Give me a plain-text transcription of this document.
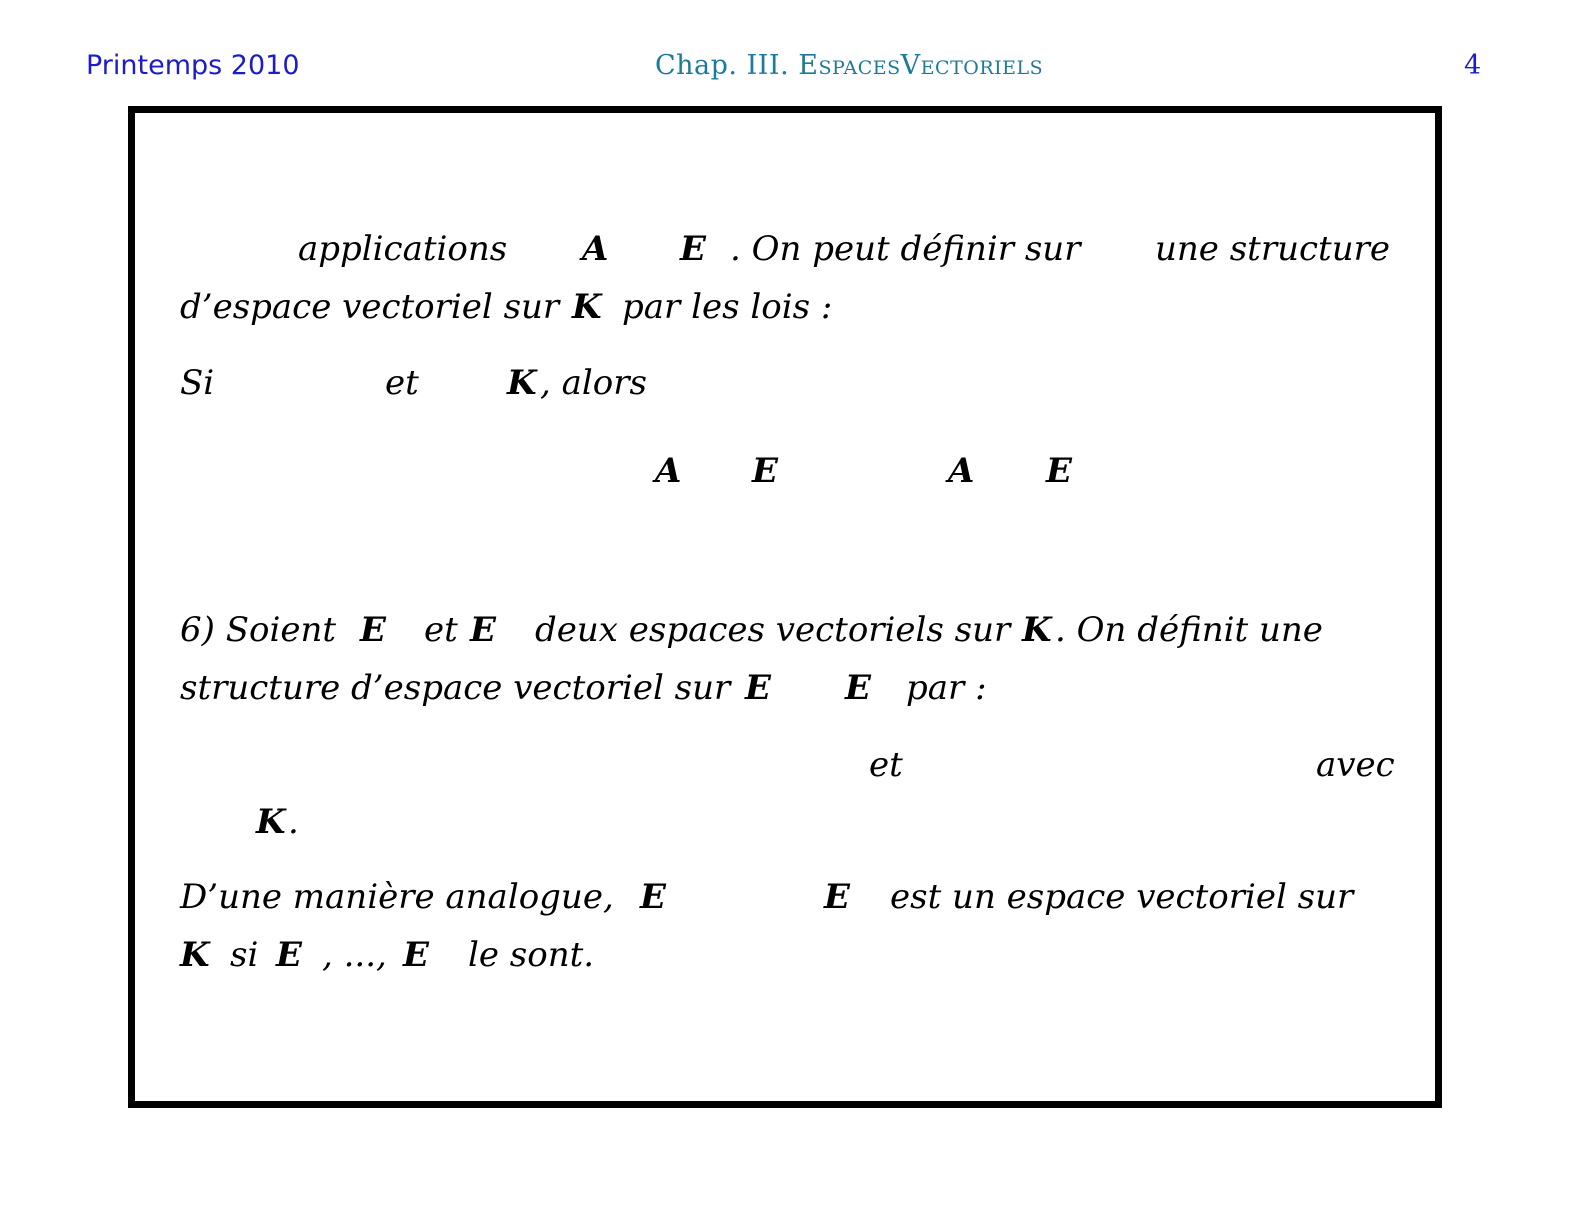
Printemps 2010	Chap. III. EspacesVectoriels	4
applications A E . On peut définir sur une structure
d’espace vectoriel sur K par les lois :
Si	et	K , alors
A E	A E
6) Soient E et E deux espaces vectoriels sur K . On définit une
structure d’espace vectoriel sur E E par :
et	avec
K .
D’une manière analogue, E	E est un espace vectoriel sur
K si E , ..., E le sont.
